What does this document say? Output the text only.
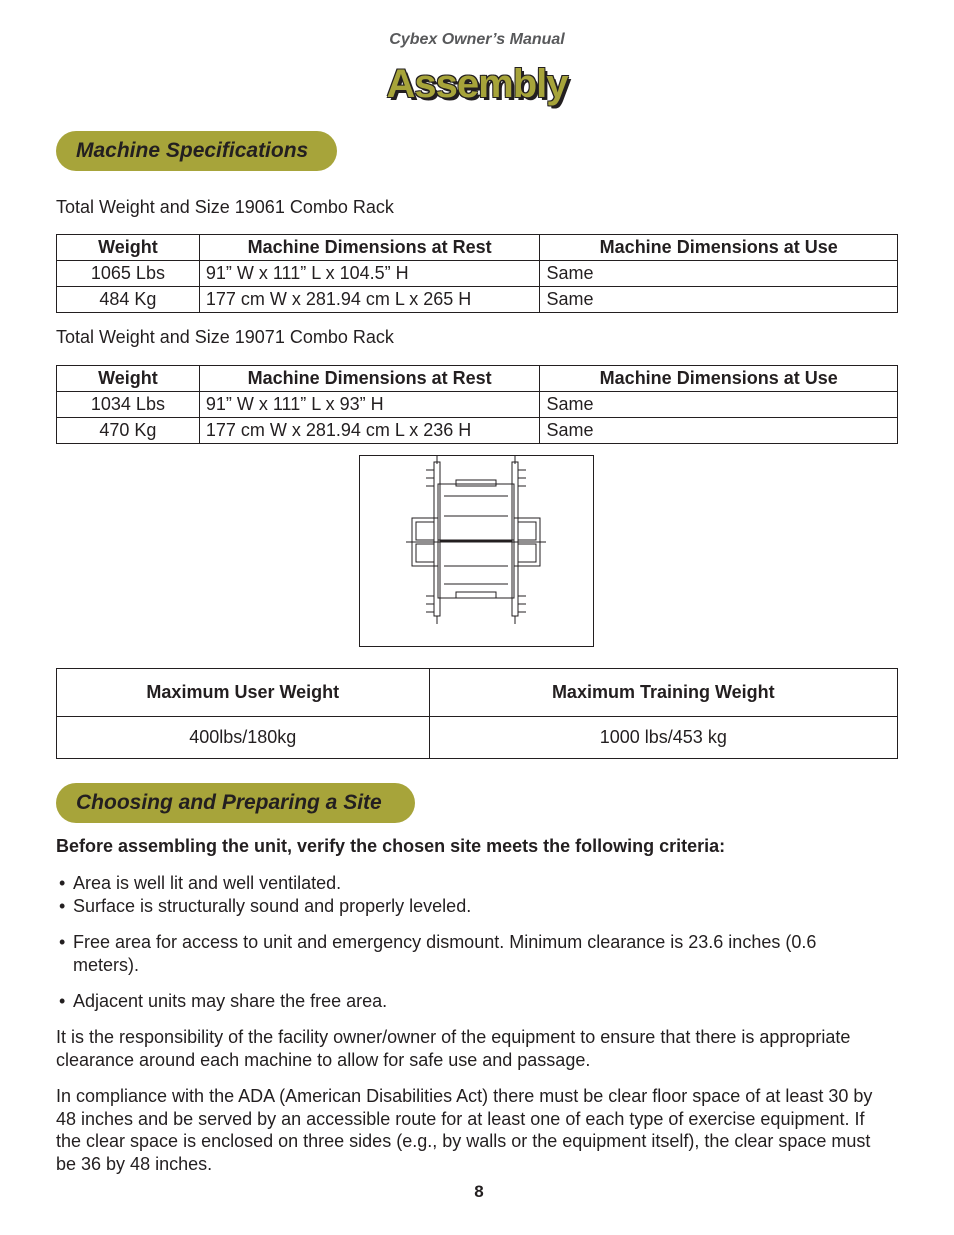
Cybex Owner’s Manual
Assembly
Machine Specifications
Total Weight and Size 19061 Combo Rack
Weight	Machine Dimensions at Rest	Machine Dimensions at Use
1065 Lbs	91” W x 111” L x 104.5” H	Same
484 Kg	177 cm W x 281.94 cm L x 265 H	Same
Total Weight and Size 19071 Combo Rack
Weight	Machine Dimensions at Rest	Machine Dimensions at Use
1034 Lbs	91” W x 111” L x 93” H	Same
470 Kg	177 cm W x 281.94 cm L x 236 H	Same
Maximum User Weight	Maximum Training Weight
400lbs/180kg	1000 lbs/453 kg
Choosing and Preparing a Site
Before assembling the unit, verify the chosen site meets the following criteria:
• Area is well lit and well ventilated.
• Surface is structurally sound and properly leveled.
• Free area for access to unit and emergency dismount. Minimum clearance is 23.6 inches (0.6 meters).
• Adjacent units may share the free area.
It is the responsibility of the facility owner/owner of the equipment to ensure that there is appropriate clearance around each machine to allow for safe use and passage.
In compliance with the ADA (American Disabilities Act) there must be clear floor space of at least 30 by 48 inches and be served by an accessible route for at least one of each type of exercise equipment. If the clear space is enclosed on three sides (e.g., by walls or the equipment itself), the clear space must be 36 by 48 inches.
8
